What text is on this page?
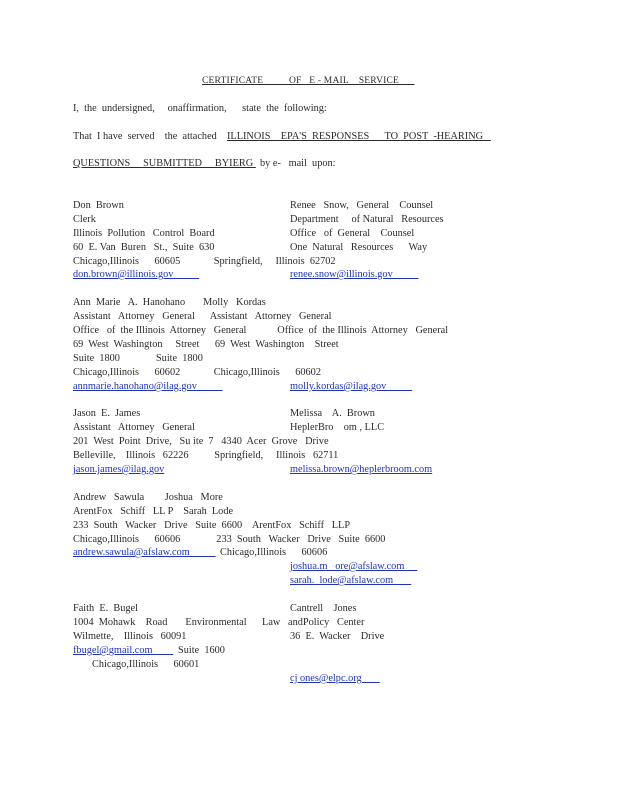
CERTIFICATE          OF   E - MAIL    SERVICE
I,  the  undersigned,     onaffirmation,      state  the  following:
That  I have  served    the  attached ILLINOIS    EPA'S  RESPONSES      TO  POST  -HEARING
QUESTIONS     SUBMITTED     BYIERG by e-   mail  upon:
Don  Brown
Clerk
Illinois  Pollution   Control  Board
60  E. Van  Buren   St.,  Suite  630
Chicago,Illinois      60605             Springfield,     Illinois  62702
don.brown@illinois.gov
Ann  Marie   A.  Hanohano       Molly   Kordas
Assistant   Attorney   General      Assistant   Attorney   General
Office   of  the Illinois  Attorney   General            Office  of  the Illinois  Attorney   General
69  West  Washington     Street      69  West  Washington    Street
Suite  1800              Suite  1800
Chicago,Illinois      60602             Chicago,Illinois      60602
annmarie.hanohano@ilag.gov
Jason  E.  James
Assistant   Attorney   General
201  West  Point  Drive,   Su ite  7   4340  Acer  Grove   Drive
Belleville,    Illinois   62226          Springfield,     Illinois   62711
jason.james@ilag.gov
Andrew   Sawula        Joshua   More
ArentFox   Schiff   LL P    Sarah  Lode
233  South   Wacker   Drive   Suite  6600    ArentFox   Schiff   LLP
Chicago,Illinois      60606              233  South   Wacker   Drive   Suite  6600
andrew.sawula@afslaw.com
Faith  E.  Bugel
1004  Mohawk    Road       Environmental      Law   andPolicy   Center
Wilmette,    Illinois   60091
fbugel@gmail.com Suite  1600
Chicago,Illinois      60601
Chicago,Illinois      60606
Renee   Snow,   General    Counsel
Department     of Natural   Resources
Office   of  General    Counsel
One  Natural   Resources      Way
renee.snow@illinois.gov
molly.kordas@ilag.gov
Melissa    A.  Brown
HeplerBro    om , LLC
melissa.brown@heplerbroom.com
joshua.m   ore@afslaw.com
sarah.  lode@afslaw.com
Cantrell    Jones
36  E.  Wacker    Drive
cj ones@elpc.org
